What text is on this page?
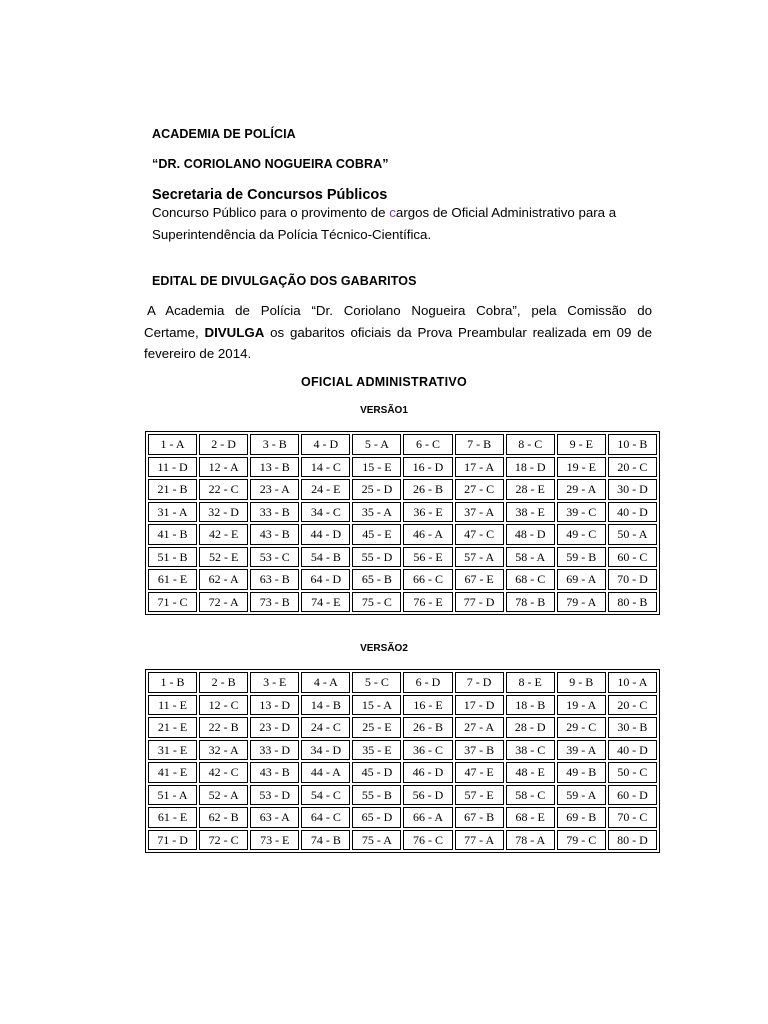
ACADEMIA DE POLÍCIA
“DR. CORIOLANO NOGUEIRA COBRA”
Secretaria de Concursos Públicos
Concurso Público para o provimento de cargos de Oficial Administrativo para a
Superintendência da Polícia Técnico-Científica.
EDITAL DE DIVULGAÇÃO DOS GABARITOS
A Academia de Polícia “Dr. Coriolano Nogueira Cobra”, pela Comissão do
Certame, DIVULGA os gabaritos oficiais da Prova Preambular realizada em 09 de
fevereiro de 2014.
OFICIAL ADMINISTRATIVO
VERSÃO1
1 - A	2 - D	3 - B	4 - D	5 - A	6 - C	7 - B	8 - C	9 - E	10 - B
11 - D	12 - A	13 - B	14 - C	15 - E	16 - D	17 - A	18 - D	19 - E	20 - C
21 - B	22 - C	23 - A	24 - E	25 - D	26 - B	27 - C	28 - E	29 - A	30 - D
31 - A	32 - D	33 - B	34 - C	35 - A	36 - E	37 - A	38 - E	39 - C	40 - D
41 - B	42 - E	43 - B	44 - D	45 - E	46 - A	47 - C	48 - D	49 - C	50 - A
51 - B	52 - E	53 - C	54 - B	55 - D	56 - E	57 - A	58 - A	59 - B	60 - C
61 - E	62 - A	63 - B	64 - D	65 - B	66 - C	67 - E	68 - C	69 - A	70 - D
71 - C	72 - A	73 - B	74 - E	75 - C	76 - E	77 - D	78 - B	79 - A	80 - B
VERSÃO2
1 - B	2 - B	3 - E	4 - A	5 - C	6 - D	7 - D	8 - E	9 - B	10 - A
11 - E	12 - C	13 - D	14 - B	15 - A	16 - E	17 - D	18 - B	19 - A	20 - C
21 - E	22 - B	23 - D	24 - C	25 - E	26 - B	27 - A	28 - D	29 - C	30 - B
31 - E	32 - A	33 - D	34 - D	35 - E	36 - C	37 - B	38 - C	39 - A	40 - D
41 - E	42 - C	43 - B	44 - A	45 - D	46 - D	47 - E	48 - E	49 - B	50 - C
51 - A	52 - A	53 - D	54 - C	55 - B	56 - D	57 - E	58 - C	59 - A	60 - D
61 - E	62 - B	63 - A	64 - C	65 - D	66 - A	67 - B	68 - E	69 - B	70 - C
71 - D	72 - C	73 - E	74 - B	75 - A	76 - C	77 - A	78 - A	79 - C	80 - D
